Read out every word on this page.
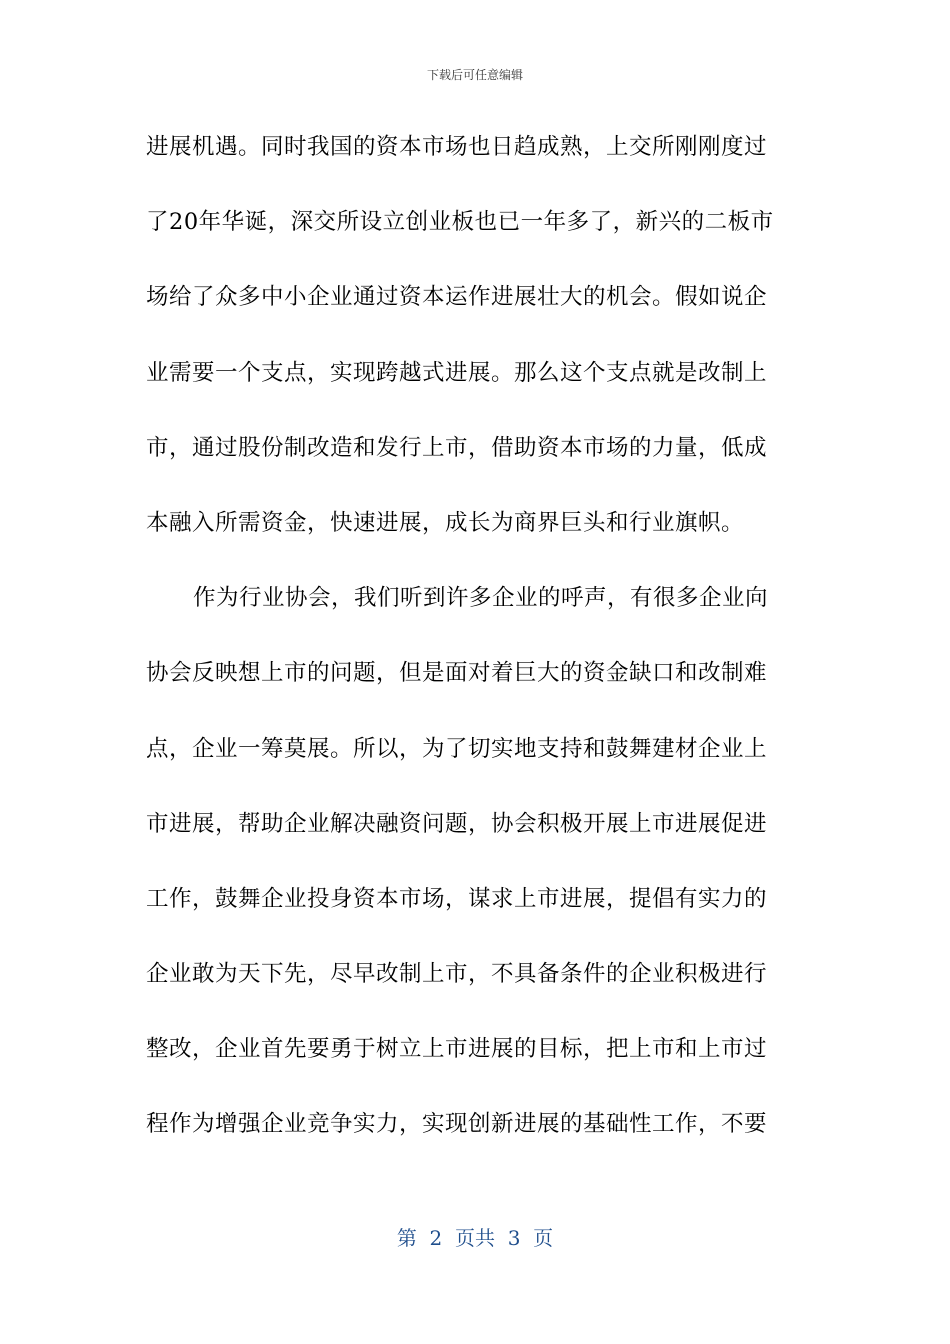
下载后可任意编辑
进展机遇。同时我国的资本市场也日趋成熟，上交所刚刚度过
了20年华诞，深交所设立创业板也已一年多了，新兴的二板市
场给了众多中小企业通过资本运作进展壮大的机会。假如说企
业需要一个支点，实现跨越式进展。那么这个支点就是改制上
市，通过股份制改造和发行上市，借助资本市场的力量，低成
本融入所需资金，快速进展，成长为商界巨头和行业旗帜。
作为行业协会，我们听到许多企业的呼声，有很多企业向
协会反映想上市的问题，但是面对着巨大的资金缺口和改制难
点，企业一筹莫展。所以，为了切实地支持和鼓舞建材企业上
市进展，帮助企业解决融资问题，协会积极开展上市进展促进
工作，鼓舞企业投身资本市场，谋求上市进展，提倡有实力的
企业敢为天下先，尽早改制上市，不具备条件的企业积极进行
整改，企业首先要勇于树立上市进展的目标，把上市和上市过
程作为增强企业竞争实力，实现创新进展的基础性工作，不要
第  2  页共  3  页
